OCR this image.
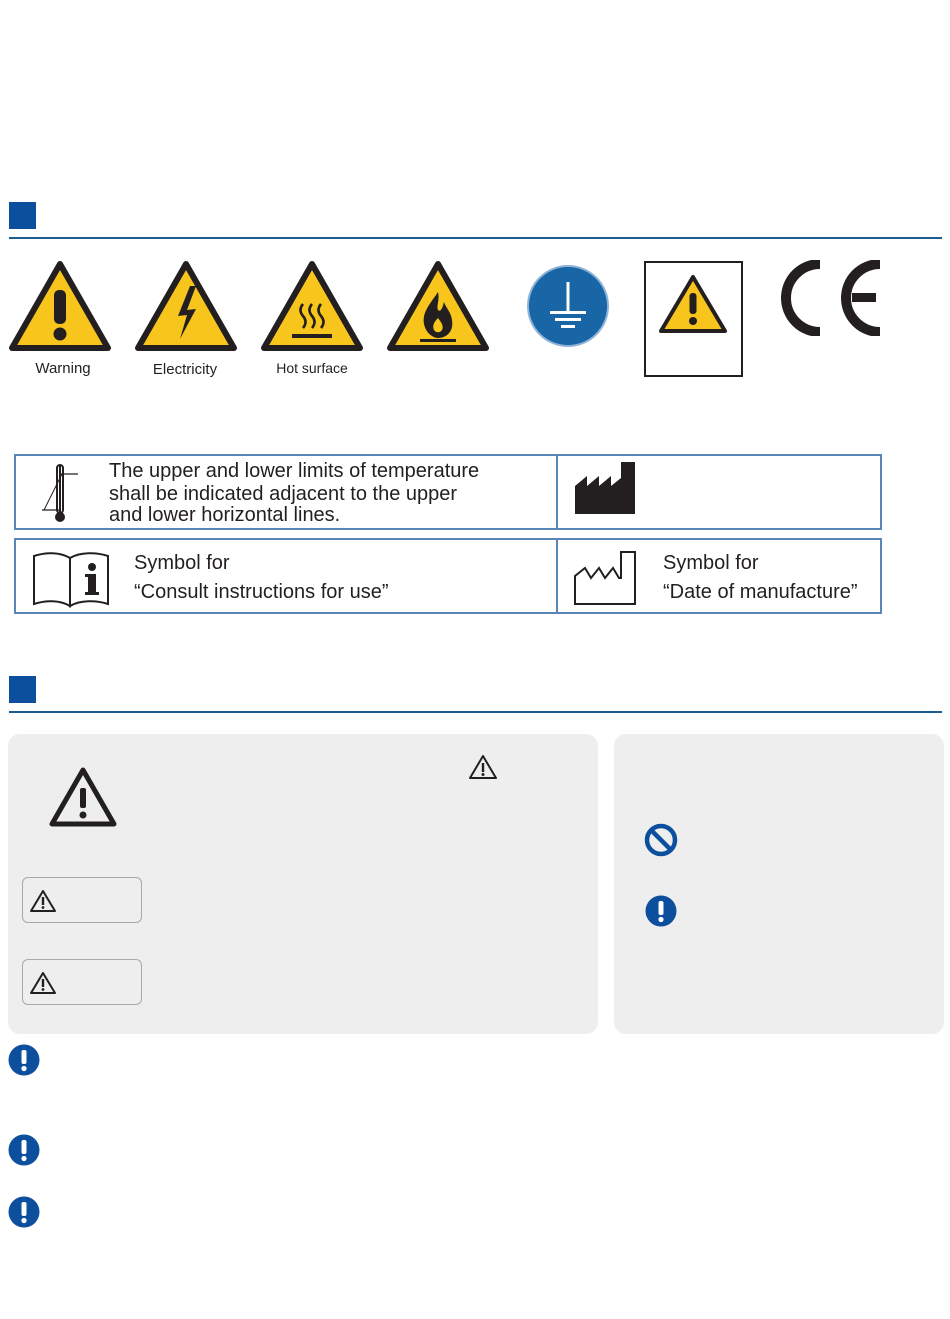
Warning	Electricity	Hot surface
The upper and lower limits of temperature
shall be indicated adjacent to the upper
and lower horizontal lines.
Symbol for
“Consult instructions for use”
Symbol for
“Date of manufacture”
